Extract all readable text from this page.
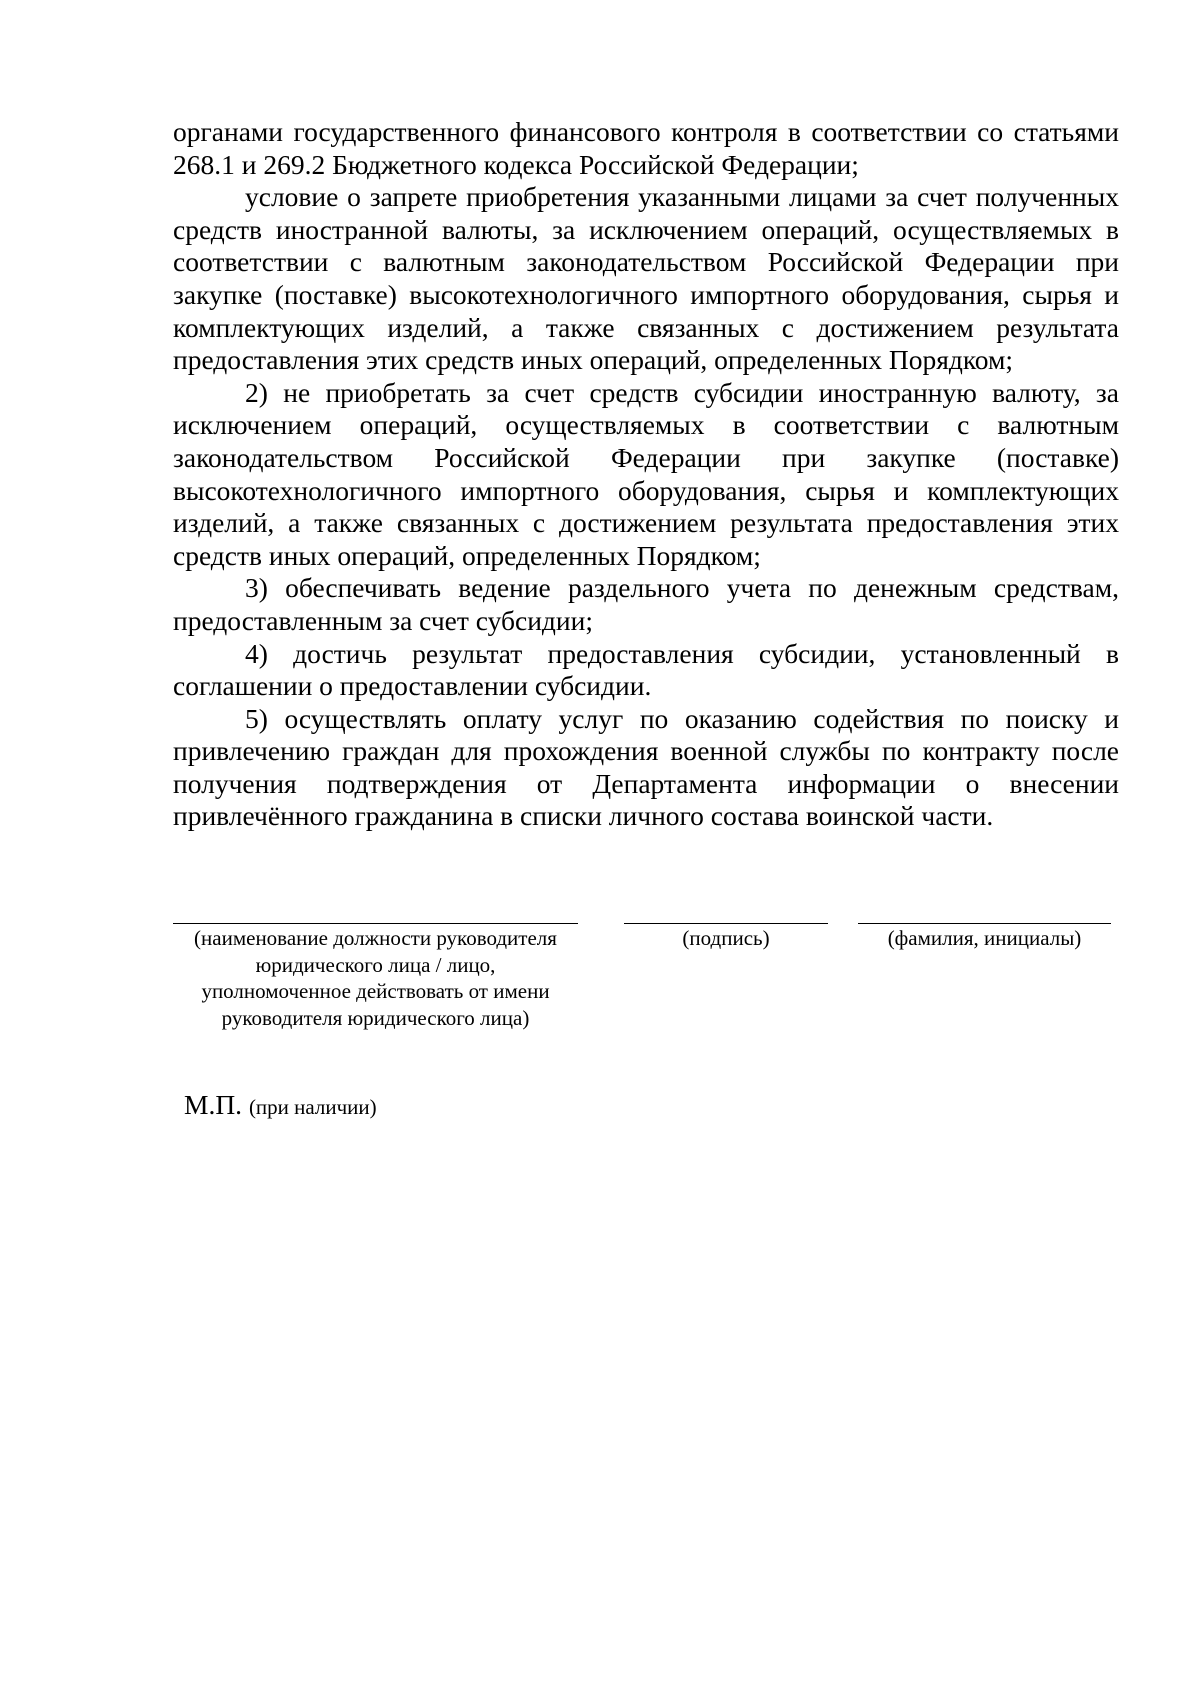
органами государственного финансового контроля в соответствии со статьями 268.1 и 269.2 Бюджетного кодекса Российской Федерации;

условие о запрете приобретения указанными лицами за счет полученных средств иностранной валюты, за исключением операций, осуществляемых в соответствии с валютным законодательством Российской Федерации при закупке (поставке) высокотехнологичного импортного оборудования, сырья и комплектующих изделий, а также связанных с достижением результата предоставления этих средств иных операций, определенных Порядком;

2) не приобретать за счет средств субсидии иностранную валюту, за исключением операций, осуществляемых в соответствии с валютным законодательством Российской Федерации при закупке (поставке) высокотехнологичного импортного оборудования, сырья и комплектующих изделий, а также связанных с достижением результата предоставления этих средств иных операций, определенных Порядком;

3) обеспечивать ведение раздельного учета по денежным средствам, предоставленным за счет субсидии;

4) достичь результат предоставления субсидии, установленный в соглашении о предоставлении субсидии.

5) осуществлять оплату услуг по оказанию содействия по поиску и привлечению граждан для прохождения военной службы по контракту после получения подтверждения от Департамента информации о внесении привлечённого гражданина в списки личного состава воинской части.

(наименование должности руководителя юридического лица / лицо, уполномоченное действовать от имени руководителя юридического лица)
(подпись)	(фамилия, инициалы)
М.П. (при наличии)
